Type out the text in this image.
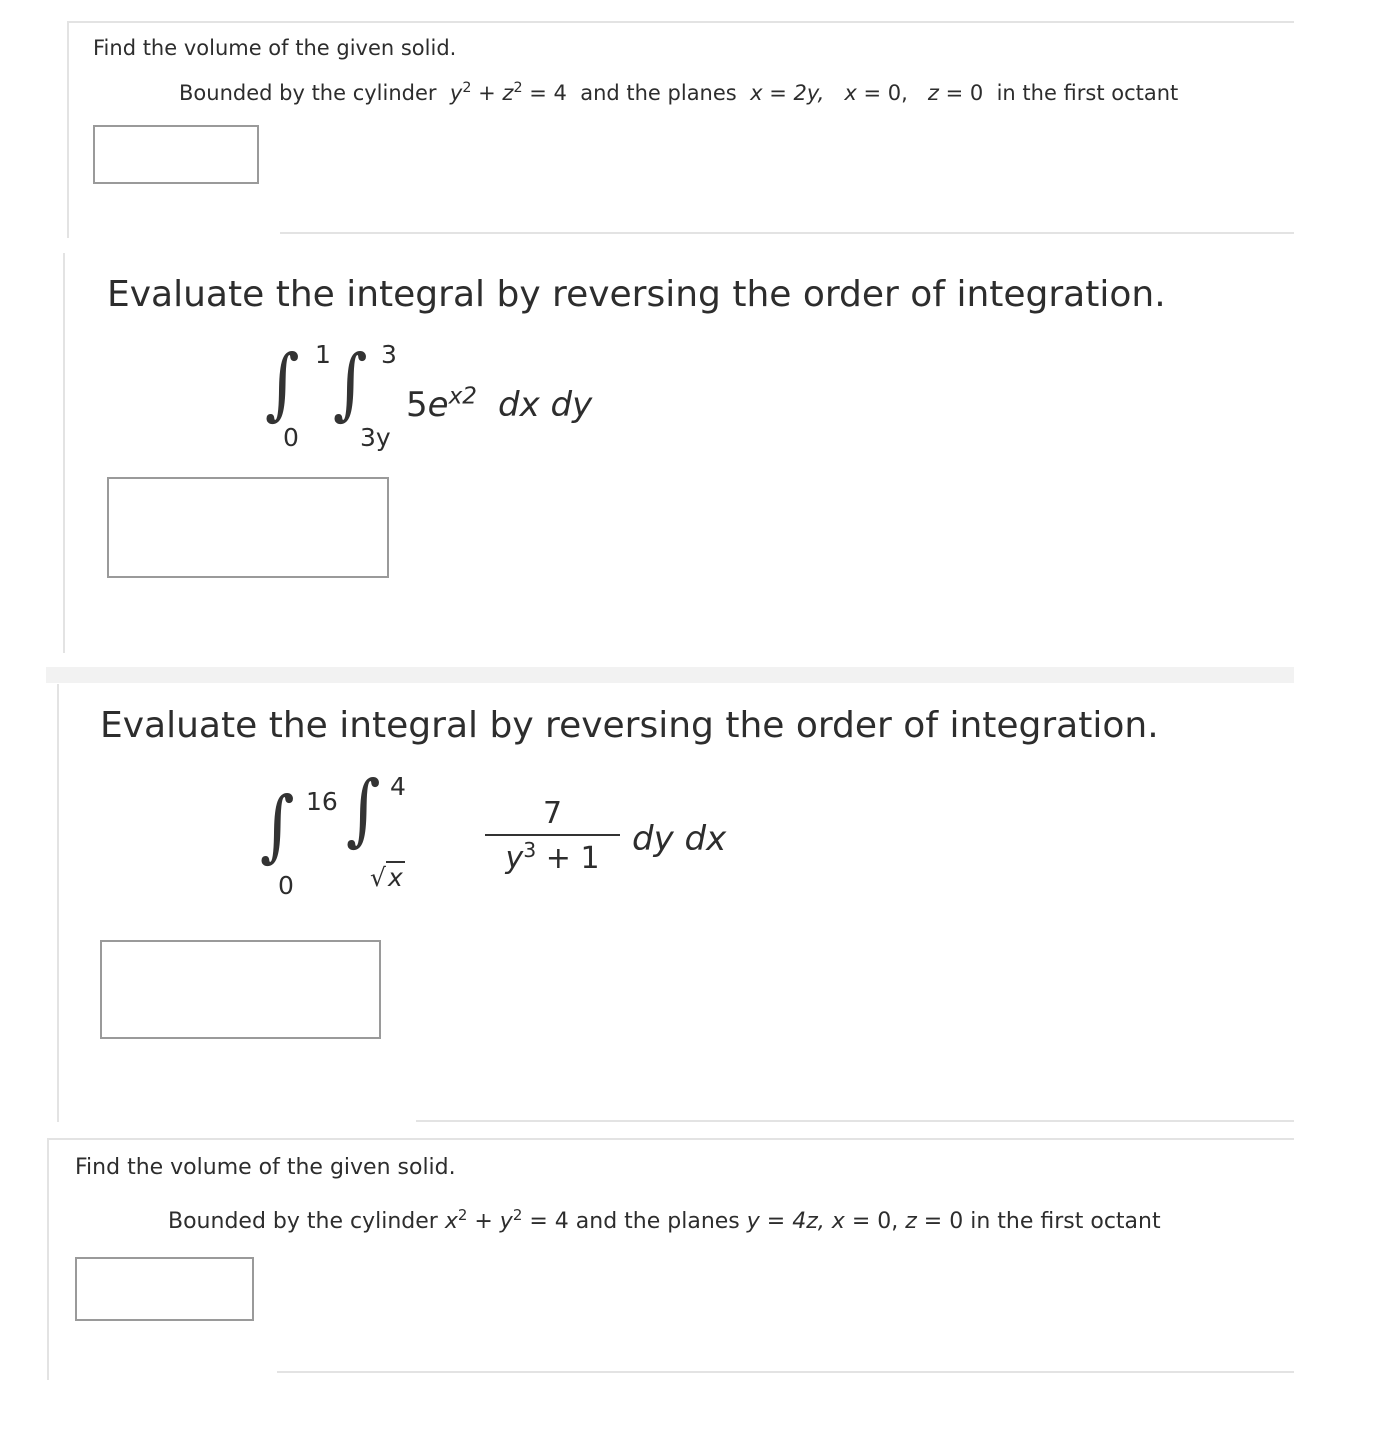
Find the volume of the given solid.
Bounded by the cylinder $y^2 + z^2 = 4$ and the planes x = 2y, x = 0, z = 0 in the first octant
Evaluate the integral by reversing the order of integration.
∫ 1
0
∫ 3
3y
$5e^{x2}$ dx dy
Evaluate the integral by reversing the order of integration.
∫ 16
0
∫ 4
√x
7
$y^3 + 1$ dy dx
Find the volume of the given solid.
Bounded by the cylinder $x^2 + y^2 = 4$ and the planes y = 4z, x = 0, z = 0 in the first octant
